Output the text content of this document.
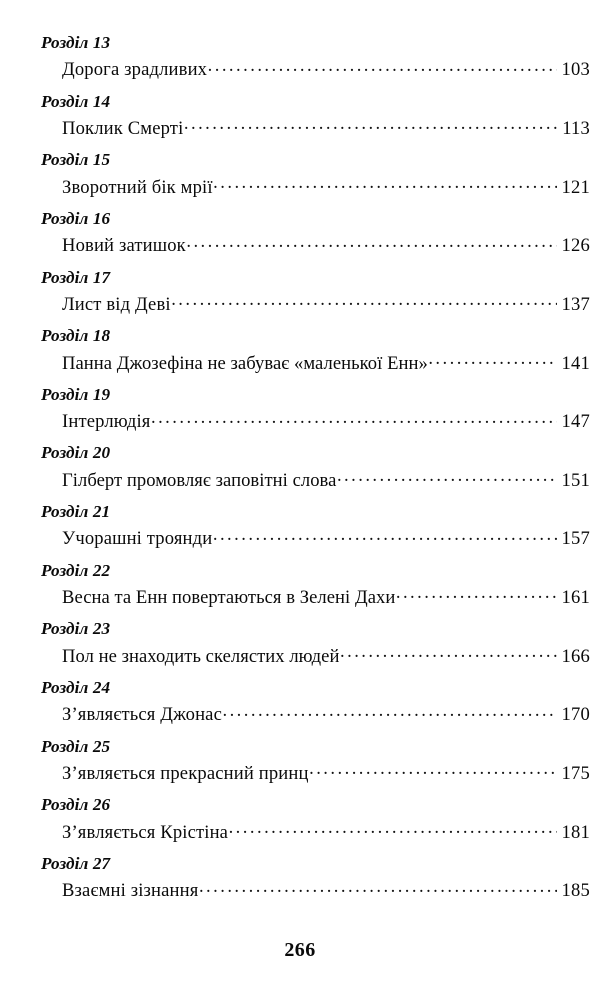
Розділ 13
Дорога зрадливих .....	103
Розділ 14
Поклик Смерті .....	113
Розділ 15
Зворотний бік мрії .....	121
Розділ 16
Новий затишок .....	126
Розділ 17
Лист від Деві .....	137
Розділ 18
Панна Джозефіна не забуває «маленької Енн» .....	141
Розділ 19
Інтерлюдія .....	147
Розділ 20
Гілберт промовляє заповітні слова .....	151
Розділ 21
Учорашні троянди .....	157
Розділ 22
Весна та Енн повертаються в Зелені Дахи .....	161
Розділ 23
Пол не знаходить скелястих людей .....	166
Розділ 24
З’являється Джонас .....	170
Розділ 25
З’являється прекрасний принц .....	175
Розділ 26
З’являється Крістіна .....	181
Розділ 27
Взаємні зізнання .....	185
266
